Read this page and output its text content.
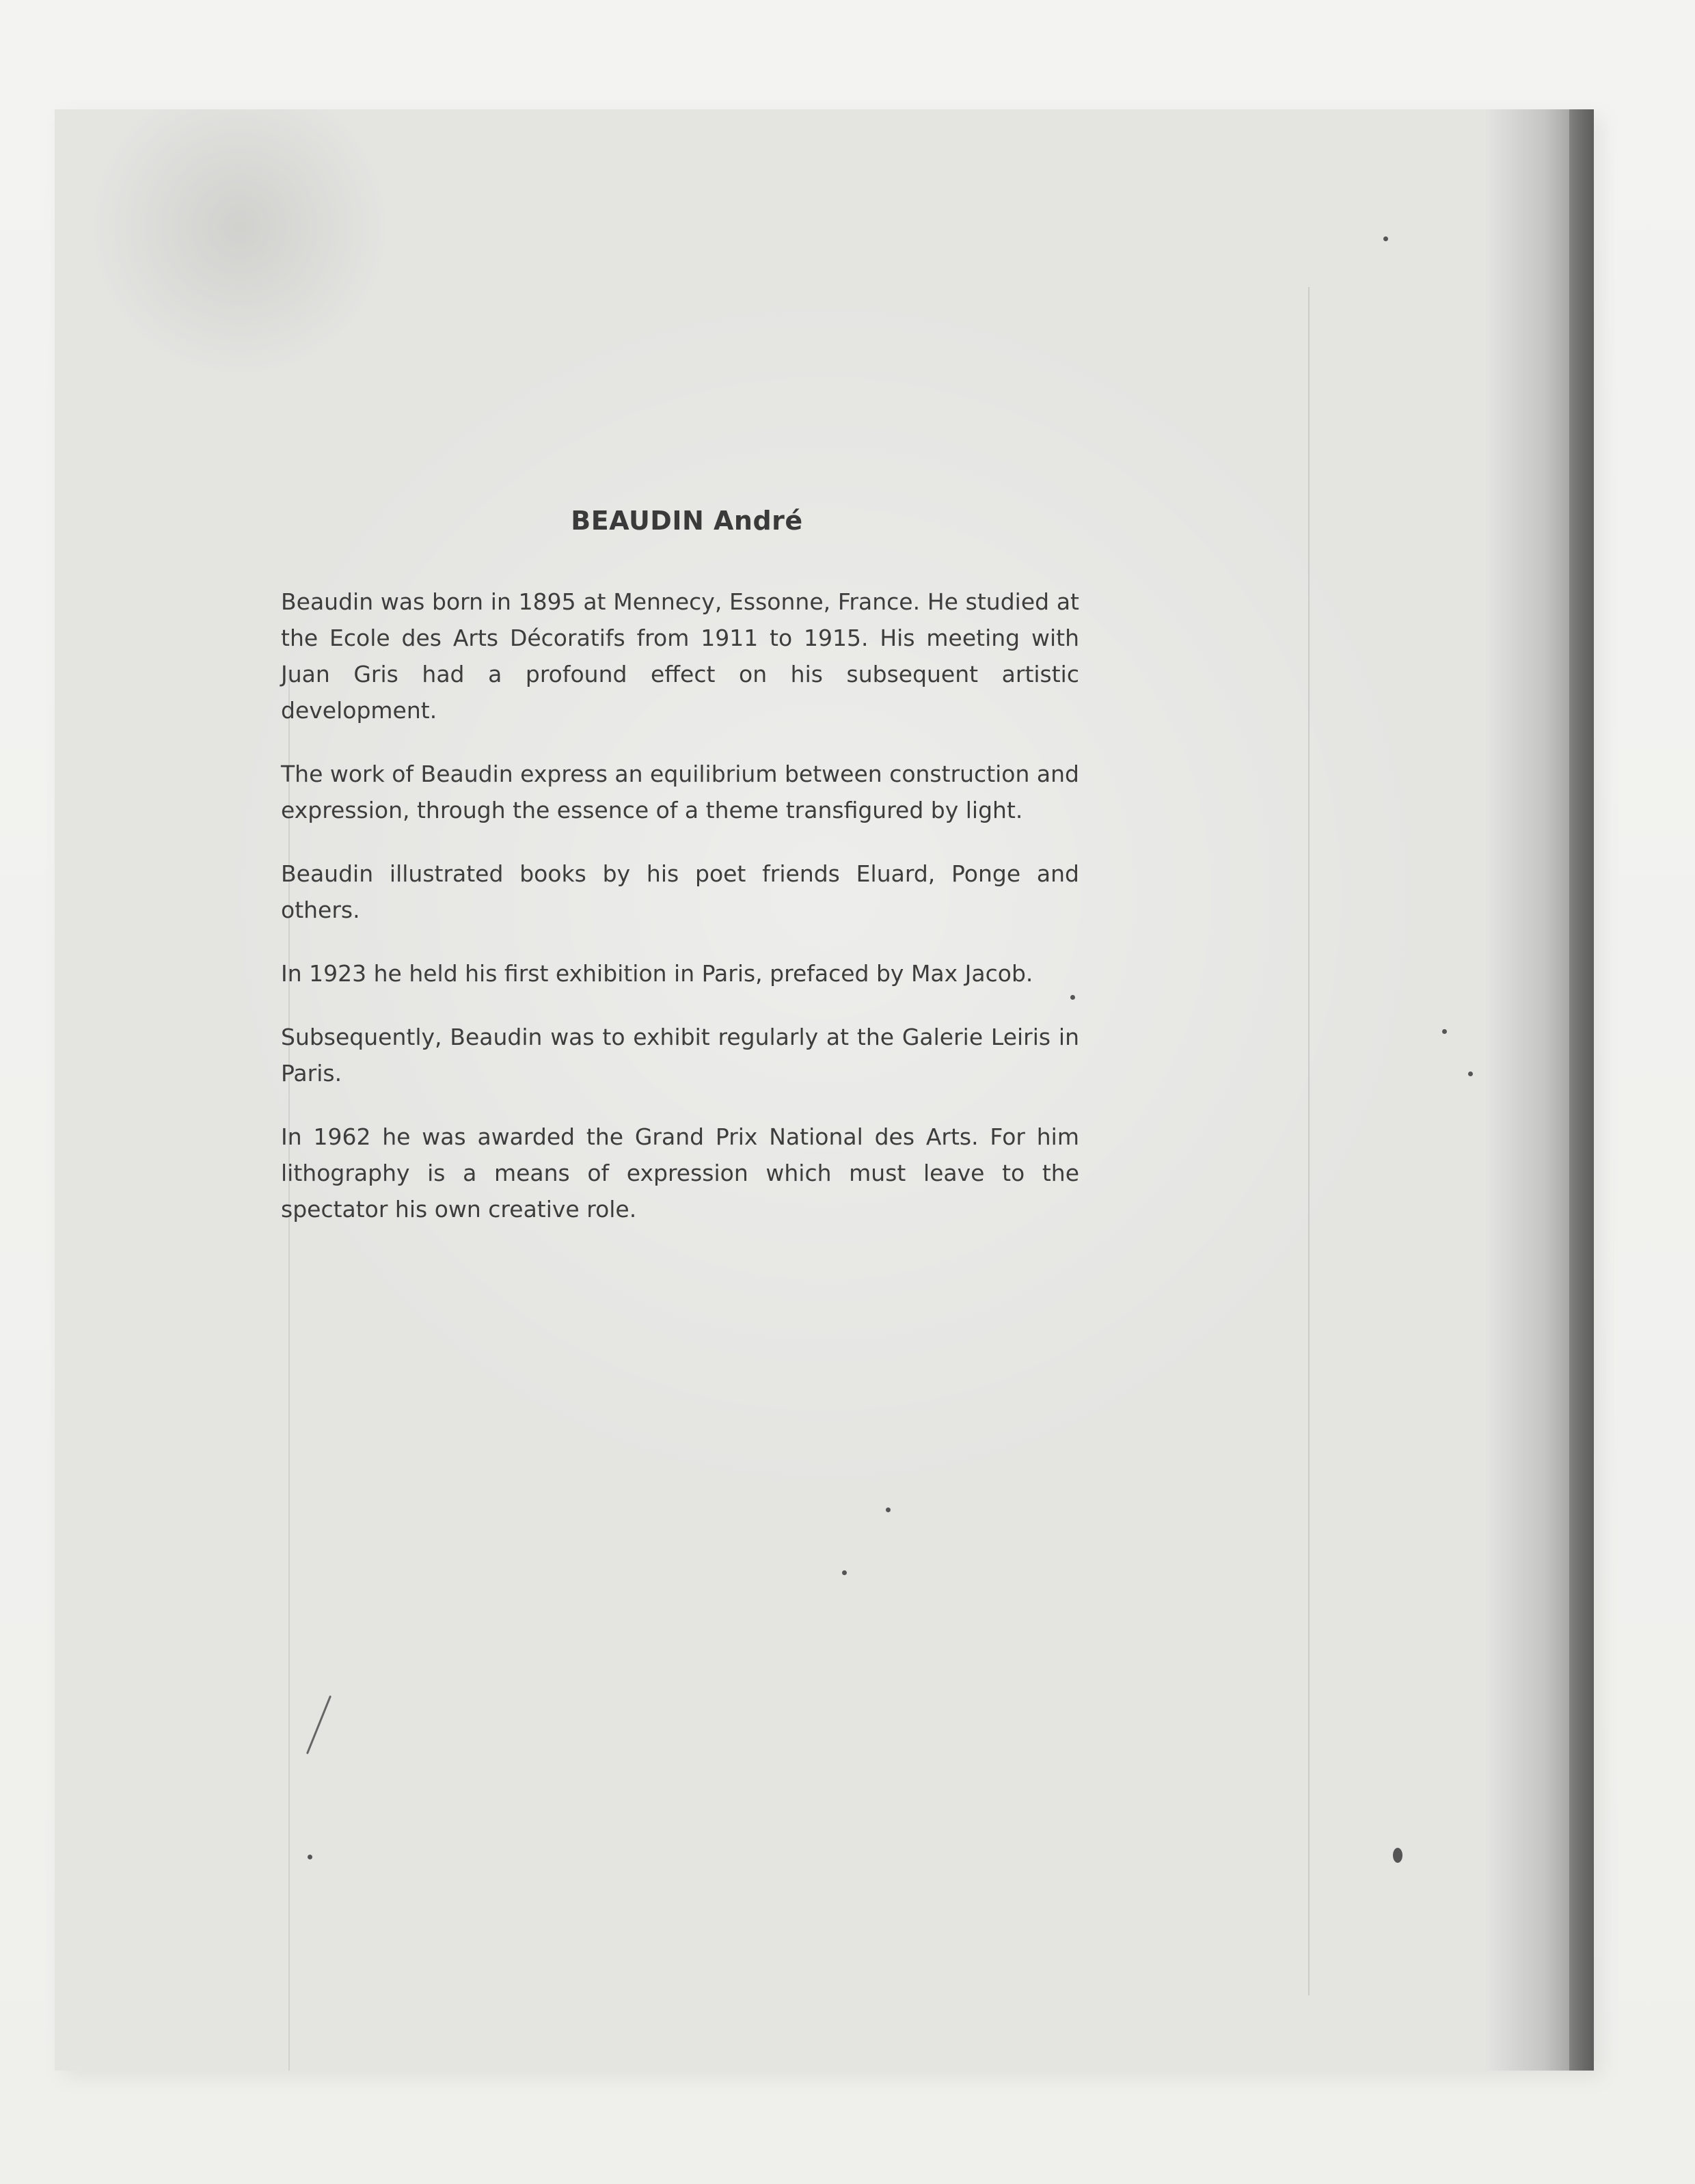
BEAUDIN André

Beaudin was born in 1895 at Mennecy, Essonne, France. He studied at the Ecole des Arts Décoratifs from 1911 to 1915. His meeting with Juan Gris had a profound effect on his subsequent artistic development.

The work of Beaudin express an equilibrium between construction and expression, through the essence of a theme transfigured by light.

Beaudin illustrated books by his poet friends Eluard, Ponge and others.

In 1923 he held his first exhibition in Paris, prefaced by Max Jacob.

Subsequently, Beaudin was to exhibit regularly at the Galerie Leiris in Paris.

In 1962 he was awarded the Grand Prix National des Arts. For him lithography is a means of expression which must leave to the spectator his own creative role.
